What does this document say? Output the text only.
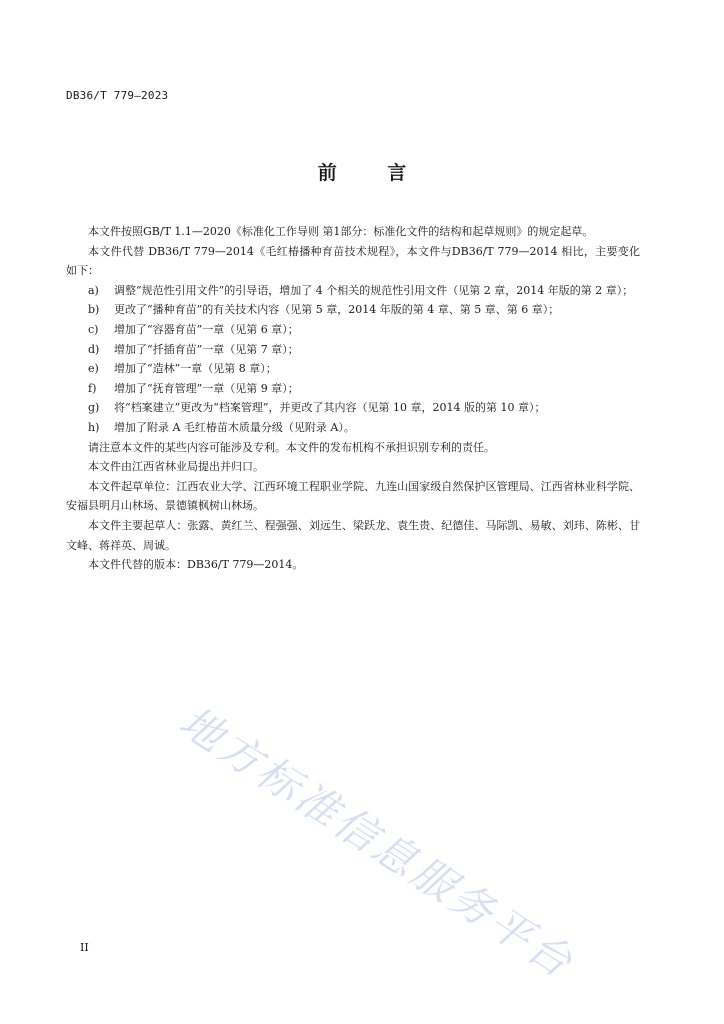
DB36/T 779—2023
前 言

本文件按照GB/T 1.1—2020《标准化工作导则 第1部分：标准化文件的结构和起草规则》的规定起草。

本文件代替 DB36/T 779—2014《毛红椿播种育苗技术规程》，本文件与DB36/T 779—2014 相比，主要变化如下：

a)	调整“规范性引用文件”的引导语，增加了 4 个相关的规范性引用文件（见第 2 章，2014 年版的第 2 章）；
b)	更改了“播种育苗”的有关技术内容（见第 5 章，2014 年版的第 4 章、第 5 章、第 6 章）；
c)	增加了“容器育苗”一章（见第 6 章）；
d)	增加了“扦插育苗”一章（见第 7 章）；
e)	增加了“造林”一章（见第 8 章）；
f)	增加了“抚育管理”一章（见第 9 章）；
g)	将“档案建立”更改为“档案管理”，并更改了其内容（见第 10 章，2014 版的第 10 章）；
h)	增加了附录 A 毛红椿苗木质量分级（见附录 A）。

请注意本文件的某些内容可能涉及专利。本文件的发布机构不承担识别专利的责任。

本文件由江西省林业局提出并归口。

本文件起草单位：江西农业大学、江西环境工程职业学院、九连山国家级自然保护区管理局、江西省林业科学院、安福县明月山林场、景德镇枫树山林场。

本文件主要起草人：张露、黄红兰、程强强、刘远生、梁跃龙、袁生贵、纪德佳、马际凯、易敏、刘玮、陈彬、甘文峰、蒋祥英、周诚。

本文件代替的版本：DB36/T 779—2014。

地方标准信息服务平台
II
